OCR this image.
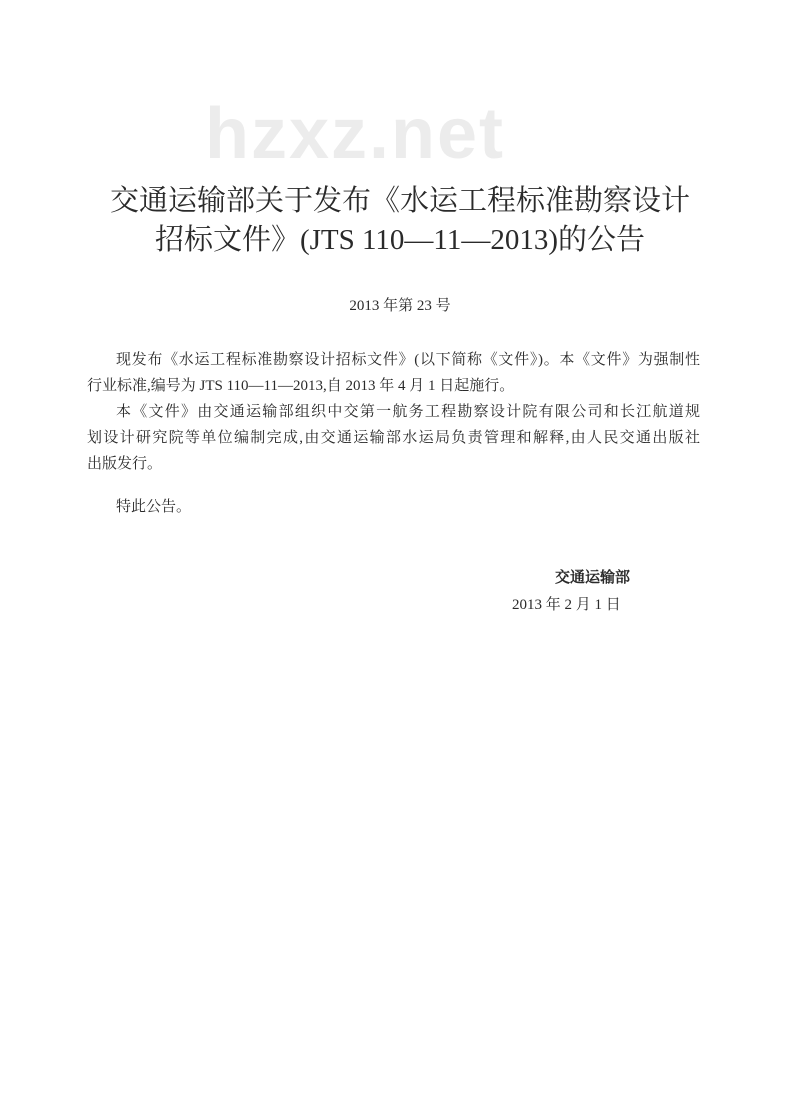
hzxz.net
交通运输部关于发布《水运工程标准勘察设计
招标文件》(JTS 110—11—2013)的公告
2013 年第 23 号
现发布《水运工程标准勘察设计招标文件》(以下简称《文件》)。本《文件》为强制性
行业标准,编号为 JTS 110—11—2013,自 2013 年 4 月 1 日起施行。
本《文件》由交通运输部组织中交第一航务工程勘察设计院有限公司和长江航道规
划设计研究院等单位编制完成,由交通运输部水运局负责管理和解释,由人民交通出版社
出版发行。
特此公告。
交通运输部
2013 年 2 月 1 日
